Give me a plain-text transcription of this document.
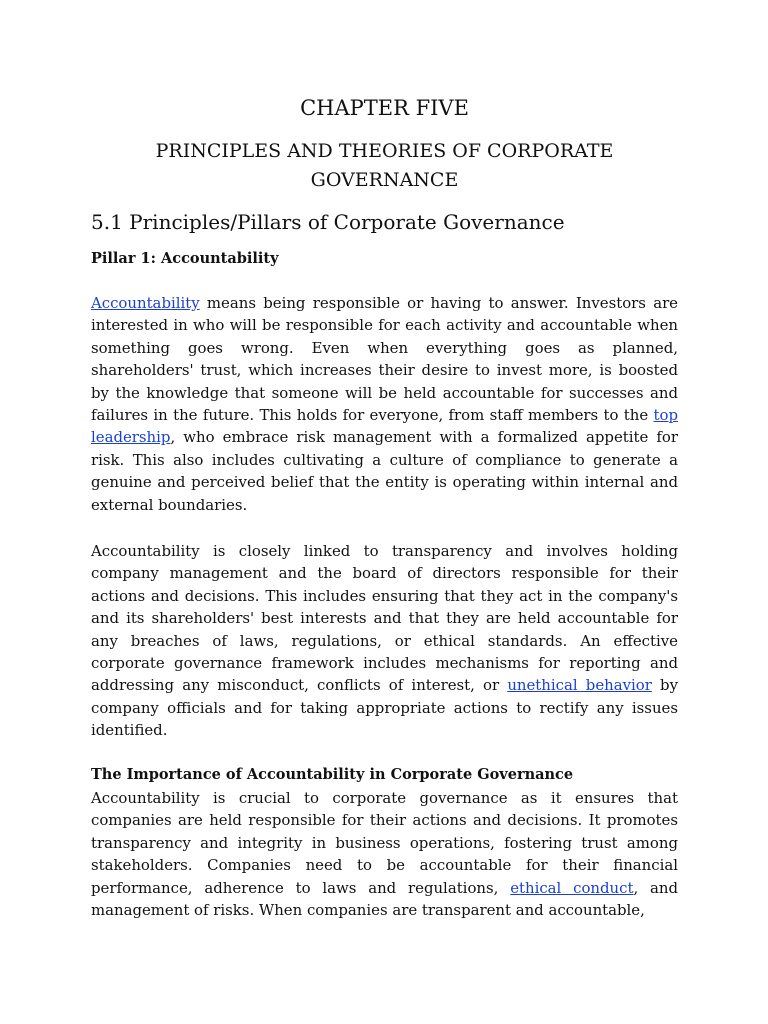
CHAPTER FIVE
PRINCIPLES AND THEORIES OF CORPORATE
GOVERNANCE
5.1 Principles/Pillars of Corporate Governance
Pillar 1: Accountability

Accountability means being responsible or having to answer. Investors are interested in who will be responsible for each activity and accountable when something goes wrong. Even when everything goes as planned, shareholders' trust, which increases their desire to invest more, is boosted by the knowledge that someone will be held accountable for successes and failures in the future. This holds for everyone, from staff members to the top leadership, who embrace risk management with a formalized appetite for risk. This also includes cultivating a culture of compliance to generate a genuine and perceived belief that the entity is operating within internal and external boundaries.

Accountability is closely linked to transparency and involves holding company management and the board of directors responsible for their actions and decisions. This includes ensuring that they act in the company's and its shareholders' best interests and that they are held accountable for any breaches of laws, regulations, or ethical standards. An effective corporate governance framework includes mechanisms for reporting and addressing any misconduct, conflicts of interest, or unethical behavior by company officials and for taking appropriate actions to rectify any issues identified.

The Importance of Accountability in Corporate Governance

Accountability is crucial to corporate governance as it ensures that companies are held responsible for their actions and decisions. It promotes transparency and integrity in business operations, fostering trust among stakeholders. Companies need to be accountable for their financial performance, adherence to laws and regulations, ethical conduct, and management of risks. When companies are transparent and accountable,
